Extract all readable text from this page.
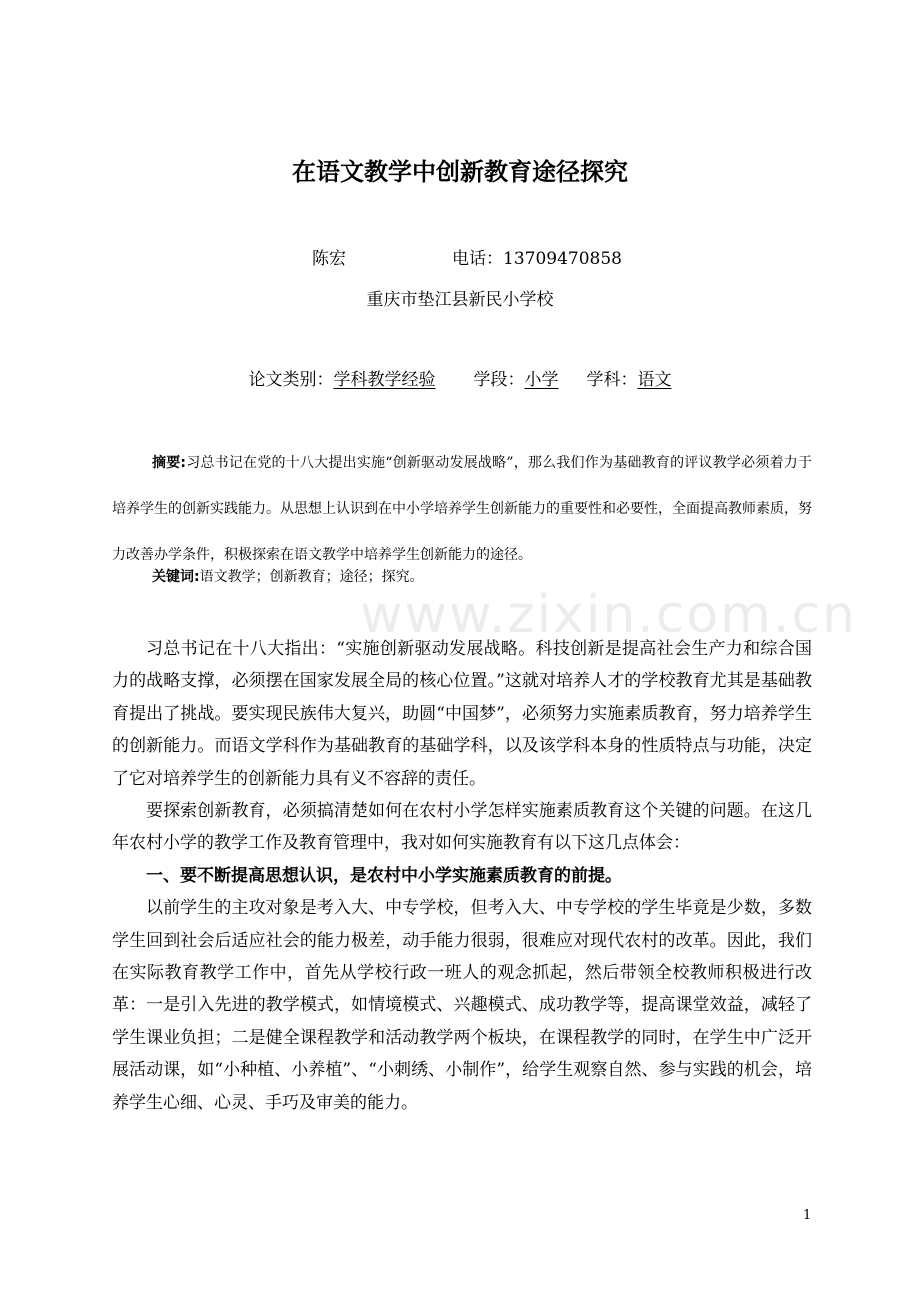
在语文教学中创新教育途径探究
陈宏	电话：13709470858
重庆市垫江县新民小学校
论文类别：学科教学经验 学段：小学 学科：语文
摘要:习总书记在党的十八大提出实施“创新驱动发展战略”，那么我们作为基础教育的评议教学必须着力于培养学生的创新实践能力。从思想上认识到在中小学培养学生创新能力的重要性和必要性，全面提高教师素质，努力改善办学条件，积极探索在语文教学中培养学生创新能力的途径。
关键词:语文教学；创新教育；途径；探究。
www.zixin.com.cn

习总书记在十八大指出：“实施创新驱动发展战略。科技创新是提高社会生产力和综合国力的战略支撑，必须摆在国家发展全局的核心位置。”这就对培养人才的学校教育尤其是基础教育提出了挑战。要实现民族伟大复兴，助圆“中国梦”，必须努力实施素质教育，努力培养学生的创新能力。而语文学科作为基础教育的基础学科，以及该学科本身的性质特点与功能，决定了它对培养学生的创新能力具有义不容辞的责任。

要探索创新教育，必须搞清楚如何在农村小学怎样实施素质教育这个关键的问题。在这几年农村小学的教学工作及教育管理中，我对如何实施教育有以下这几点体会：

一、要不断提高思想认识，是农村中小学实施素质教育的前提。

以前学生的主攻对象是考入大、中专学校，但考入大、中专学校的学生毕竟是少数，多数学生回到社会后适应社会的能力极差，动手能力很弱，很难应对现代农村的改革。因此，我们在实际教育教学工作中，首先从学校行政一班人的观念抓起，然后带领全校教师积极进行改革：一是引入先进的教学模式，如情境模式、兴趣模式、成功教学等，提高课堂效益，减轻了学生课业负担；二是健全课程教学和活动教学两个板块，在课程教学的同时，在学生中广泛开展活动课，如“小种植、小养植”、“小刺绣、小制作”，给学生观察自然、参与实践的机会，培养学生心细、心灵、手巧及审美的能力。

1
